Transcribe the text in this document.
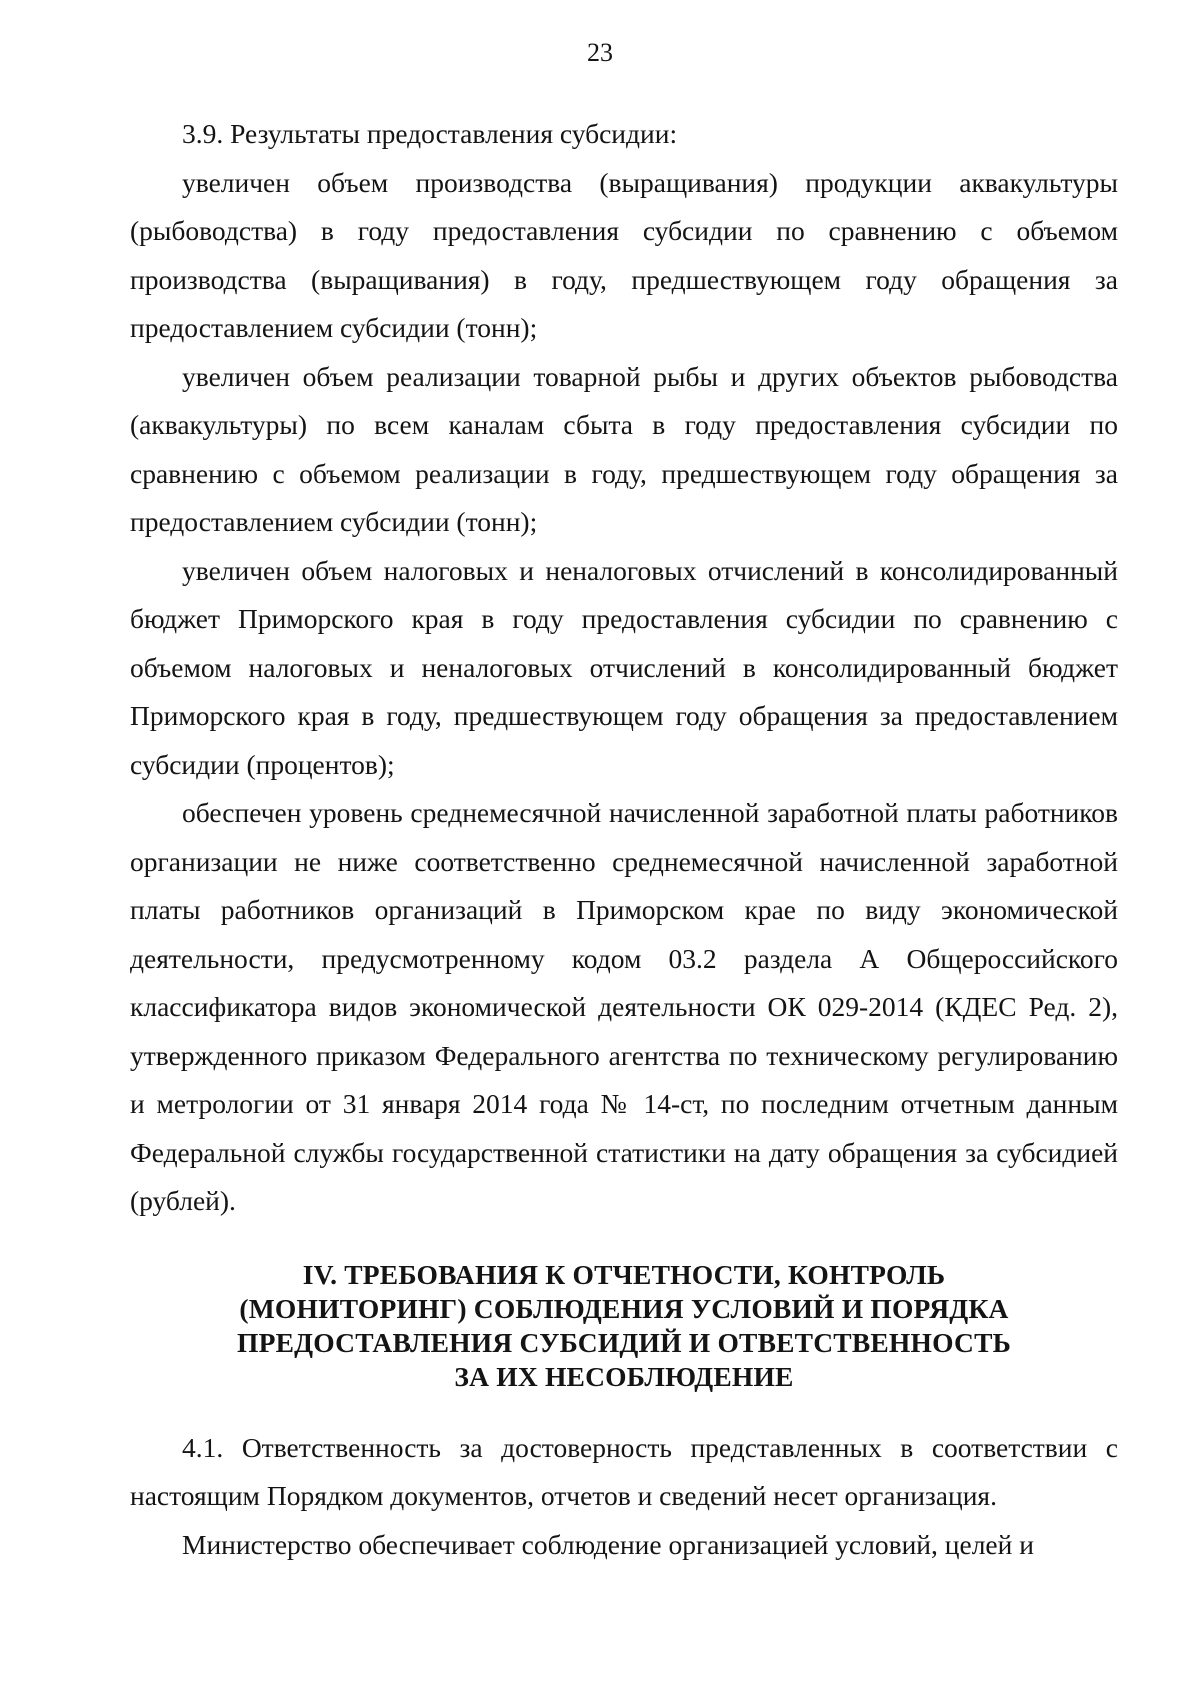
23

3.9. Результаты предоставления субсидии:

увеличен объем производства (выращивания) продукции аквакультуры (рыбоводства) в году предоставления субсидии по сравнению с объемом производства (выращивания) в году, предшествующем году обращения за предоставлением субсидии (тонн);

увеличен объем реализации товарной рыбы и других объектов рыбоводства (аквакультуры) по всем каналам сбыта в году предоставления субсидии по сравнению с объемом реализации в году, предшествующем году обращения за предоставлением субсидии (тонн);

увеличен объем налоговых и неналоговых отчислений в консолидированный бюджет Приморского края в году предоставления субсидии по сравнению с объемом налоговых и неналоговых отчислений в консолидированный бюджет Приморского края в году, предшествующем году обращения за предоставлением субсидии (процентов);

обеспечен уровень среднемесячной начисленной заработной платы работников организации не ниже соответственно среднемесячной начисленной заработной платы работников организаций в Приморском крае по виду экономической деятельности, предусмотренному кодом 03.2 раздела А Общероссийского классификатора видов экономической деятельности ОК 029-2014 (КДЕС Ред. 2), утвержденного приказом Федерального агентства по техническому регулированию и метрологии от 31 января 2014 года № 14-ст, по последним отчетным данным Федеральной службы государственной статистики на дату обращения за субсидией (рублей).

IV. ТРЕБОВАНИЯ К ОТЧЕТНОСТИ, КОНТРОЛЬ
(МОНИТОРИНГ) СОБЛЮДЕНИЯ УСЛОВИЙ И ПОРЯДКА
ПРЕДОСТАВЛЕНИЯ СУБСИДИЙ И ОТВЕТСТВЕННОСТЬ
ЗА ИХ НЕСОБЛЮДЕНИЕ

4.1. Ответственность за достоверность представленных в соответствии с настоящим Порядком документов, отчетов и сведений несет организация.

Министерство обеспечивает соблюдение организацией условий, целей и
